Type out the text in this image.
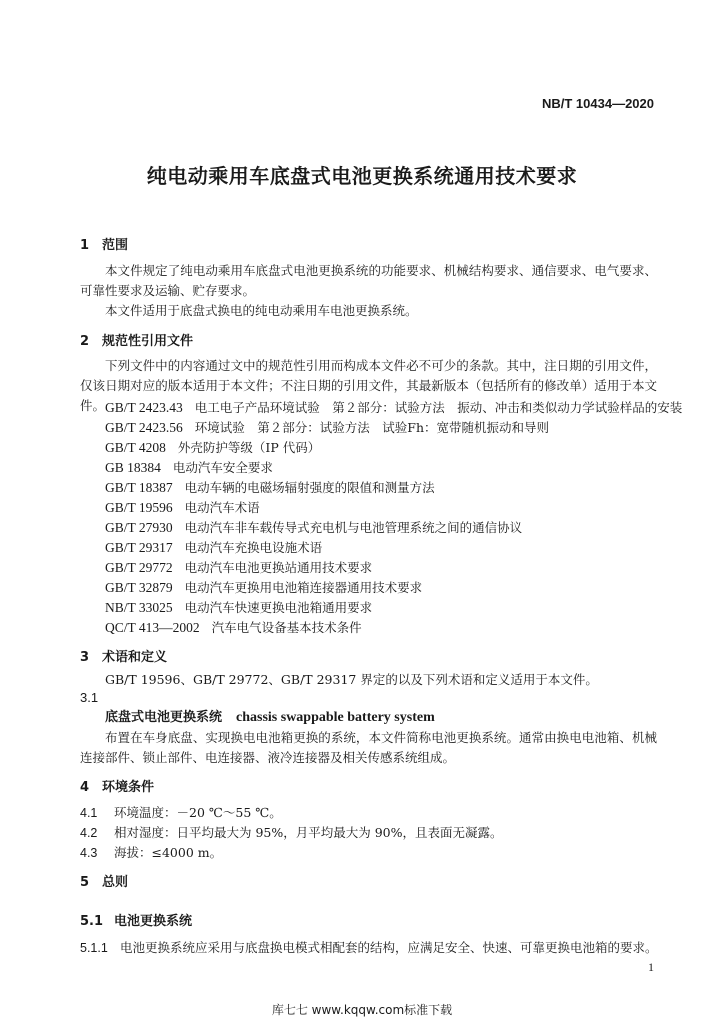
NB/T 10434—2020
纯电动乘用车底盘式电池更换系统通用技术要求
1 范围
本文件规定了纯电动乘用车底盘式电池更换系统的功能要求、机械结构要求、通信要求、电气要求、可靠性要求及运输、贮存要求。
本文件适用于底盘式换电的纯电动乘用车电池更换系统。
2 规范性引用文件
下列文件中的内容通过文中的规范性引用而构成本文件必不可少的条款。其中，注日期的引用文件，仅该日期对应的版本适用于本文件；不注日期的引用文件，其最新版本（包括所有的修改单）适用于本文件。 GB/T 2423.43 电工电子产品环境试验　第２部分：试验方法　振动、冲击和类似动力学试验样品的安装
GB/T 2423.56 环境试验　第２部分：试验方法　试验Fh：宽带随机振动和导则
GB/T 4208 外壳防护等级（IP 代码）
GB 18384 电动汽车安全要求
GB/T 18387 电动车辆的电磁场辐射强度的限值和测量方法
GB/T 19596 电动汽车术语
GB/T 27930 电动汽车非车载传导式充电机与电池管理系统之间的通信协议
GB/T 29317 电动汽车充换电设施术语
GB/T 29772 电动汽车电池更换站通用技术要求
GB/T 32879 电动汽车更换用电池箱连接器通用技术要求
NB/T 33025 电动汽车快速更换电池箱通用要求
QC/T 413—2002 汽车电气设备基本技术条件
3 术语和定义
GB/T 19596、GB/T 29772、GB/T 29317 界定的以及下列术语和定义适用于本文件。
3.1
底盘式电池更换系统 chassis swappable battery system
布置在车身底盘、实现换电电池箱更换的系统，本文件简称电池更换系统。通常由换电电池箱、机械连接部件、锁止部件、电连接器、液冷连接器及相关传感系统组成。
4 环境条件
4.1 环境温度：－20 ℃～55 ℃。
4.2 相对湿度：日平均最大为 95%，月平均最大为 90%，且表面无凝露。
4.3 海拔：≤4000 m。
5 总则
5.1 电池更换系统
5.1.1 电池更换系统应采用与底盘换电模式相配套的结构，应满足安全、快速、可靠更换电池箱的要求。
1
库七七 www.kqqw.com标准下载
